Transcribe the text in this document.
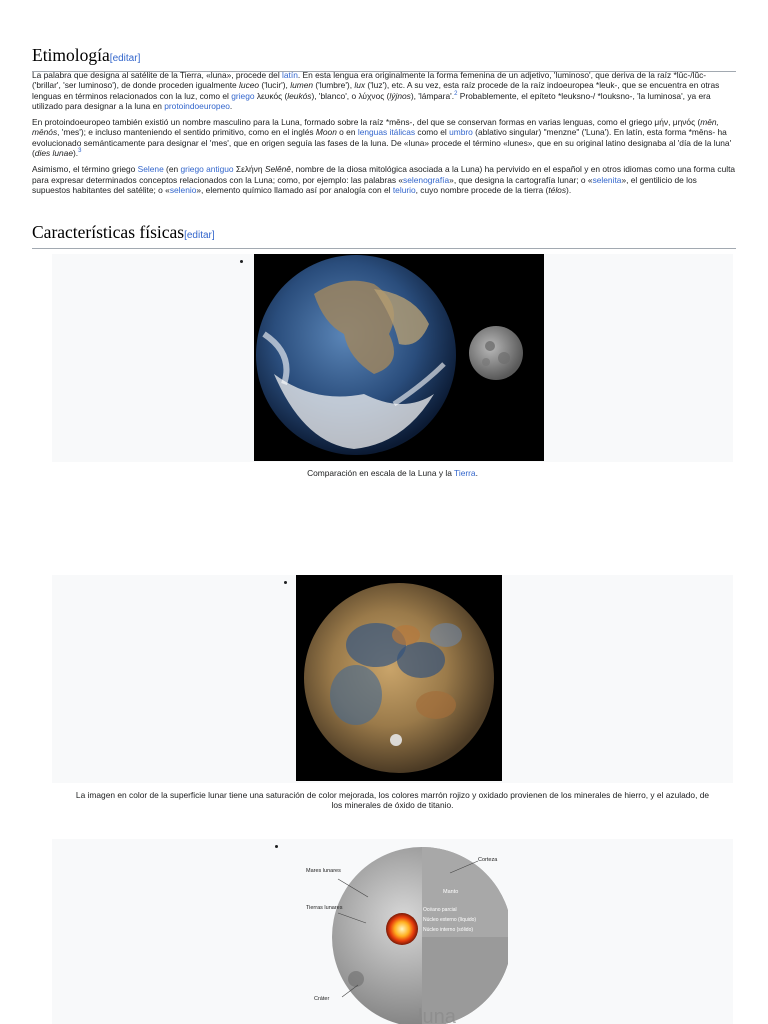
Etimología[editar]

La palabra que designa al satélite de la Tierra, «luna», procede del latín. En esta lengua era originalmente la forma femenina de un adjetivo, 'luminoso', que deriva de la raíz *lūc-/lŭc- ('brillar', 'ser luminoso'), de donde proceden igualmente luceo ('lucir'), lumen ('lumbre'), lux ('luz'), etc. A su vez, esta raíz procede de la raíz indoeuropea *leuk-, que se encuentra en otras lenguas en términos relacionados con la luz, como el griego λευκός (leukós), 'blanco', o λύχνος (lýjnos), 'lámpara'.$^2$ Probablemente, el epíteto *leuksno-/ *louksno-, 'la luminosa', ya era utilizado para designar a la luna en protoindoeuropeo.

En protoindoeuropeo también existió un nombre masculino para la Luna, formado sobre la raíz *mēns-, del que se conservan formas en varias lenguas, como el griego μήν, μηνός (mēn, mēnós, 'mes'); e incluso manteniendo el sentido primitivo, como en el inglés Moon o en lenguas itálicas como el umbro (ablativo singular) "menzne" ('Luna'). En latín, esta forma *mēns- ha evolucionado semánticamente para designar el 'mes', que en origen seguía las fases de la luna. De «luna» procede el término «lunes», que en su original latino designaba al 'día de la luna' (dies lunae).$^3$

Asimismo, el término griego Selene (en griego antiguo Σελήνη Selênê, nombre de la diosa mitológica asociada a la Luna) ha pervivido en el español y en otros idiomas como una forma culta para expresar determinados conceptos relacionados con la Luna; como, por ejemplo: las palabras «selenografía», que designa la cartografía lunar; o «selenita», el gentilicio de los supuestos habitantes del satélite; o «selenio», elemento químico llamado así por analogía con el telurio, cuyo nombre procede de la tierra (télos).

Características físicas[editar]
Comparación en escala de la Luna y la Tierra.
La imagen en color de la superficie lunar tiene una saturación de color mejorada, los colores marrón rojizo y oxidado provienen de los minerales de hierro, y el azulado, de los minerales de óxido de titanio.
Mares lunares
Tierras lunares
Corteza
Manto
Océano parcial
Núcleo externo (líquido)
Núcleo interno (sólido)
Cráter
luna
